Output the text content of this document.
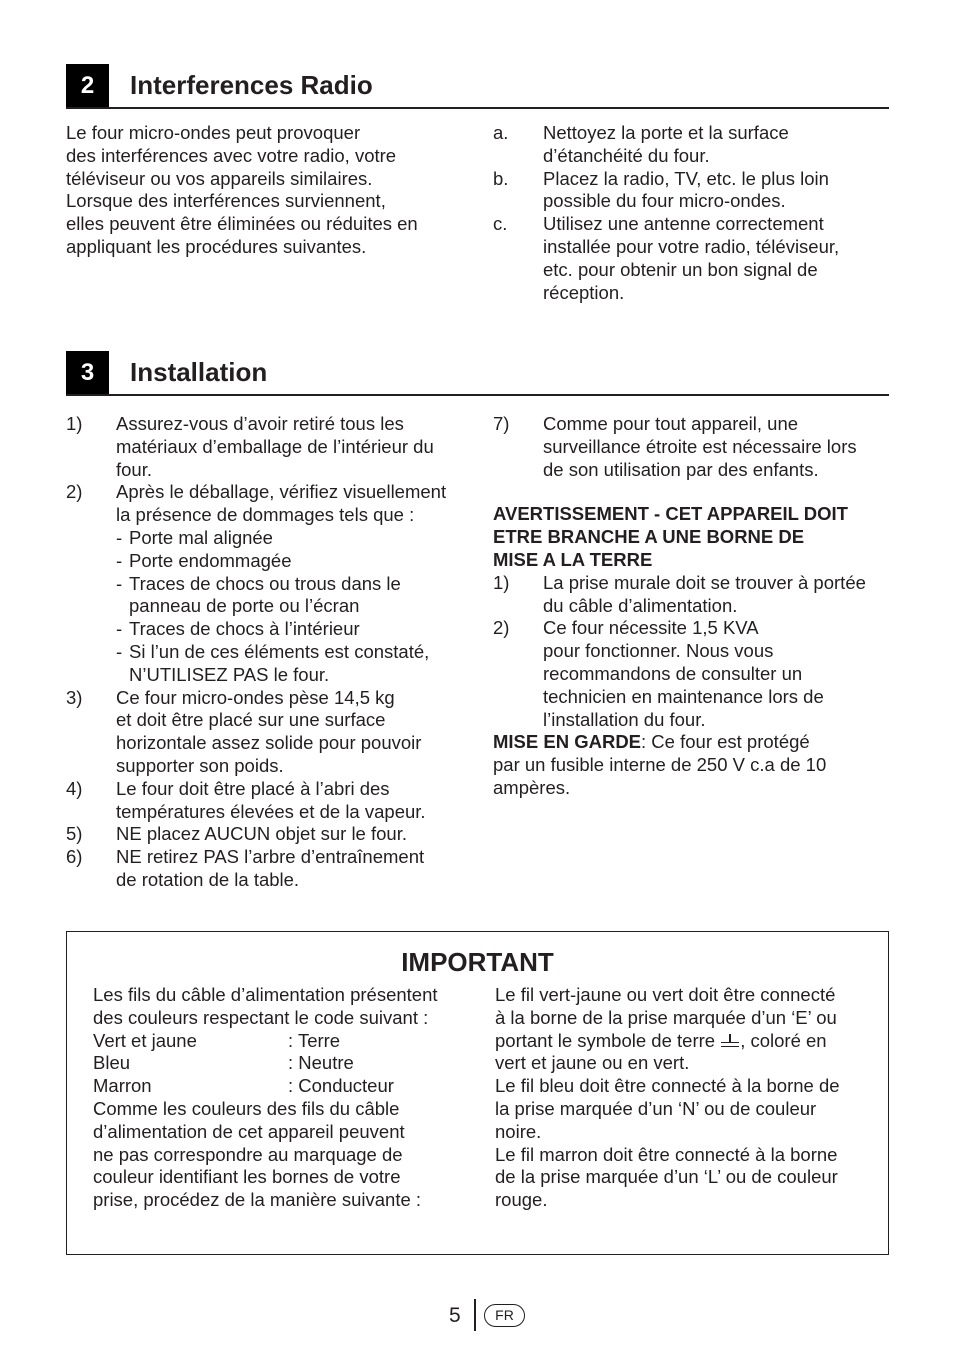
2	Interferences Radio
Le four micro-ondes peut provoquer
des interférences avec votre radio, votre
téléviseur ou vos appareils similaires.
Lorsque des interférences surviennent,
elles peuvent être éliminées ou réduites en
appliquant les procédures suivantes.
a. Nettoyez la porte et la surface
d’étanchéité du four.
b. Placez la radio, TV, etc. le plus loin
possible du four micro-ondes.
c. Utilisez une antenne correctement
installée pour votre radio, téléviseur,
etc. pour obtenir un bon signal de
réception.
3	Installation
1) Assurez-vous d’avoir retiré tous les
matériaux d’emballage de l’intérieur du
four.
2) Après le déballage, vérifiez visuellement
la présence de dommages tels que :
- Porte mal alignée
- Porte endommagée
- Traces de chocs ou trous dans le
panneau de porte ou l’écran
- Traces de chocs à l’intérieur
- Si l’un de ces éléments est constaté,
N’UTILISEZ PAS le four.
3) Ce four micro-ondes pèse 14,5 kg
et doit être placé sur une surface
horizontale assez solide pour pouvoir
supporter son poids.
4) Le four doit être placé à l’abri des
températures élevées et de la vapeur.
5) NE placez AUCUN objet sur le four.
6) NE retirez PAS l’arbre d’entraînement
de rotation de la table.
7) Comme pour tout appareil, une
surveillance étroite est nécessaire lors
de son utilisation par des enfants.
AVERTISSEMENT - CET APPAREIL DOIT
ETRE BRANCHE A UNE BORNE DE
MISE A LA TERRE
1) La prise murale doit se trouver à portée
du câble d’alimentation.
2) Ce four nécessite 1,5 KVA
pour fonctionner. Nous vous
recommandons de consulter un
technicien en maintenance lors de
l’installation du four.
MISE EN GARDE: Ce four est protégé
par un fusible interne de 250 V c.a de 10
ampères.
IMPORTANT
Les fils du câble d’alimentation présentent
des couleurs respectant le code suivant :
Vert et jaune	: Terre
Bleu	: Neutre
Marron	: Conducteur
Comme les couleurs des fils du câble
d’alimentation de cet appareil peuvent
ne pas correspondre au marquage de
couleur identifiant les bornes de votre
prise, procédez de la manière suivante :
Le fil vert-jaune ou vert doit être connecté
à la borne de la prise marquée d’un ‘E’ ou
portant le symbole de terre , coloré en
vert et jaune ou en vert.
Le fil bleu doit être connecté à la borne de
la prise marquée d’un ‘N’ ou de couleur
noire.
Le fil marron doit être connecté à la borne
de la prise marquée d’un ‘L’ ou de couleur
rouge.
5	FR
